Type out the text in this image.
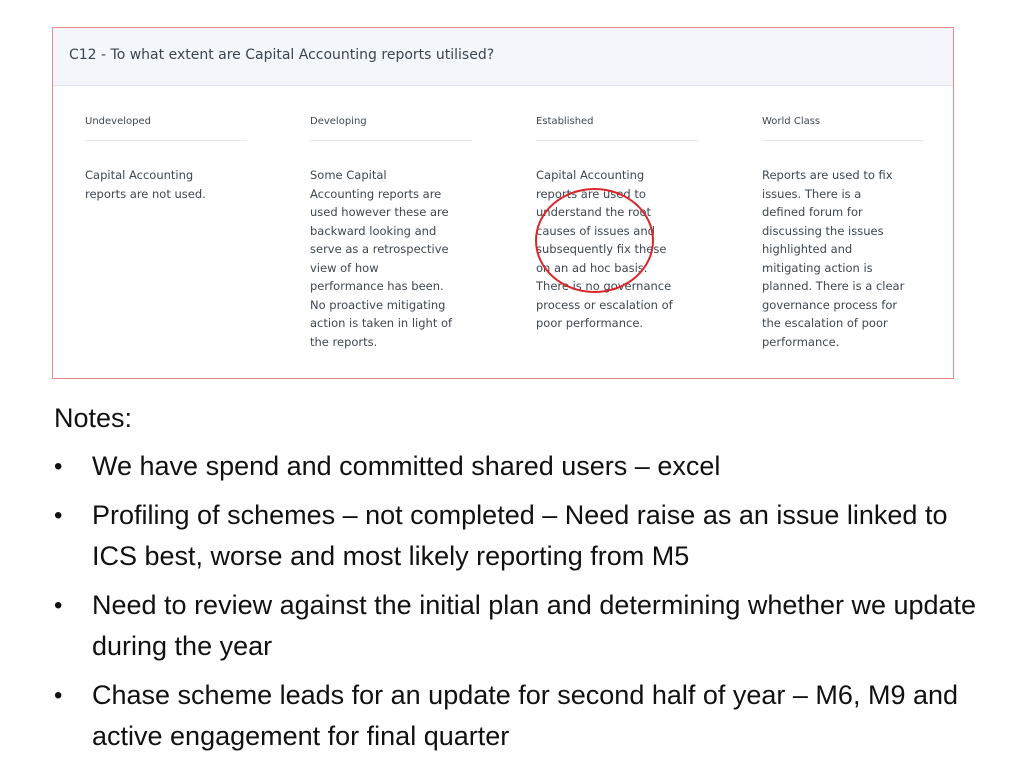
C12 - To what extent are Capital Accounting reports utilised?
Undeveloped
Capital Accounting
reports are not used.
Developing
Some Capital
Accounting reports are
used however these are
backward looking and
serve as a retrospective
view of how
performance has been.
No proactive mitigating
action is taken in light of
the reports.
Established
Capital Accounting
reports are used to
understand the root
causes of issues and
subsequently fix these
on an ad hoc basis.
There is no governance
process or escalation of
poor performance.
World Class
Reports are used to fix
issues. There is a
defined forum for
discussing the issues
highlighted and
mitigating action is
planned. There is a clear
governance process for
the escalation of poor
performance.
Notes:
• We have spend and committed shared users – excel
• Profiling of schemes – not completed – Need raise as an issue linked to ICS best, worse and most likely reporting from M5
• Need to review against the initial plan and determining whether we update during the year
• Chase scheme leads for an update for second half of year – M6, M9 and active engagement for final quarter
